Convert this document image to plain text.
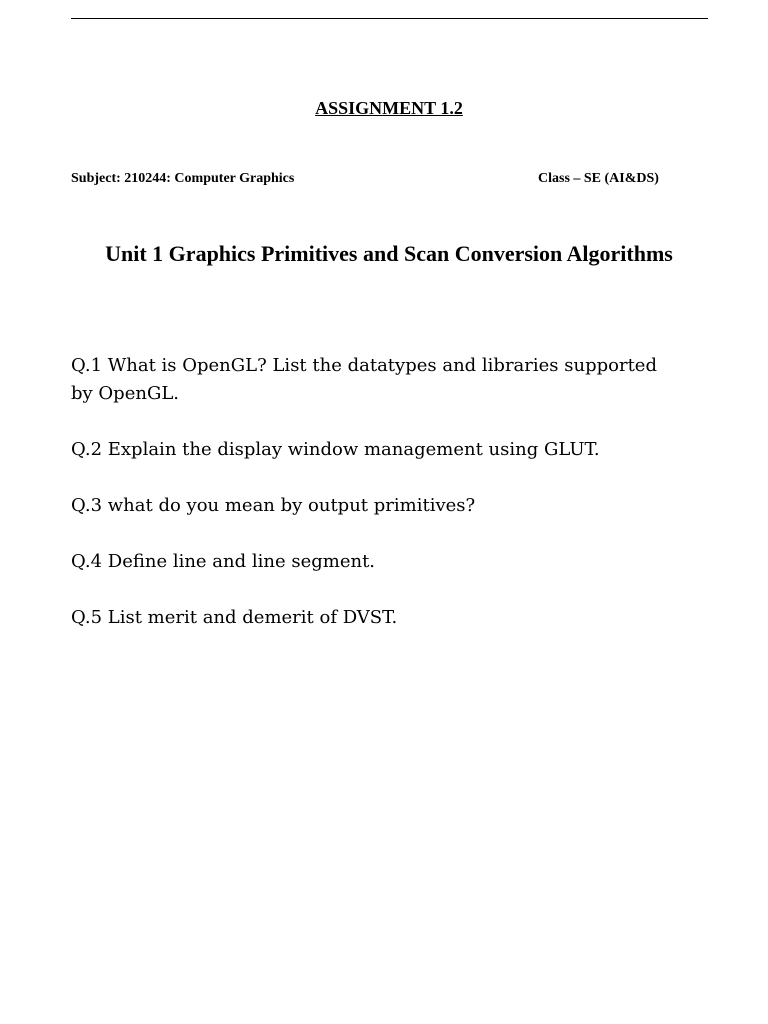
ASSIGNMENT 1.2
Subject: 210244: Computer Graphics	Class – SE (AI&DS)
Unit 1 Graphics Primitives and Scan Conversion Algorithms
Q.1 What is OpenGL? List the datatypes and libraries supported by OpenGL.
Q.2 Explain the display window management using GLUT.
Q.3 what do you mean by output primitives?
Q.4 Define line and line segment.
Q.5 List merit and demerit of DVST.
